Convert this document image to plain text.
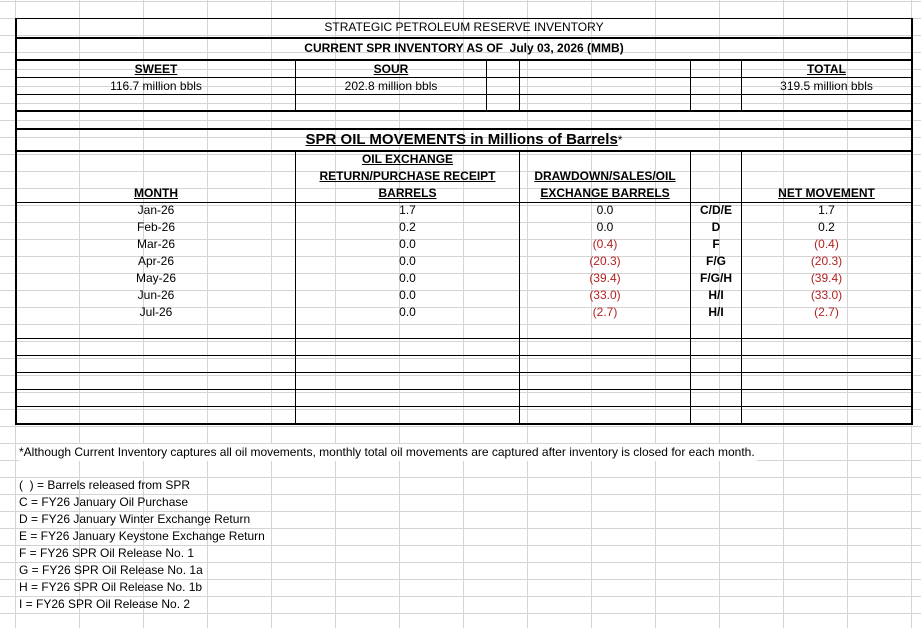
STRATEGIC PETROLEUM RESERVE INVENTORY
CURRENT SPR INVENTORY AS OF  July 03, 2026 (MMB)
SWEET	SOUR	TOTAL
116.7 million bbls	202.8 million bbls	319.5 million bbls
SPR OIL MOVEMENTS in Millions of Barrels*
MONTH
OIL EXCHANGE
RETURN/PURCHASE RECEIPT
BARRELS
DRAWDOWN/SALES/OIL
EXCHANGE BARRELS	NET MOVEMENT
Jan-26	1.7	0.0	C/D/E	1.7
Feb-26	0.2	0.0	D	0.2
Mar-26	0.0	(0.4)	F	(0.4)
Apr-26	0.0	(20.3)	F/G	(20.3)
May-26	0.0	(39.4)	F/G/H	(39.4)
Jun-26	0.0	(33.0)	H/I	(33.0)
Jul-26	0.0	(2.7)	H/I	(2.7)
*Although Current Inventory captures all oil movements, monthly total oil movements are captured after inventory is closed for each month.
(  ) = Barrels released from SPR
C = FY26 January Oil Purchase
D = FY26 January Winter Exchange Return
E = FY26 January Keystone Exchange Return
F = FY26 SPR Oil Release No. 1
G = FY26 SPR Oil Release No. 1a
H = FY26 SPR Oil Release No. 1b
I = FY26 SPR Oil Release No. 2
